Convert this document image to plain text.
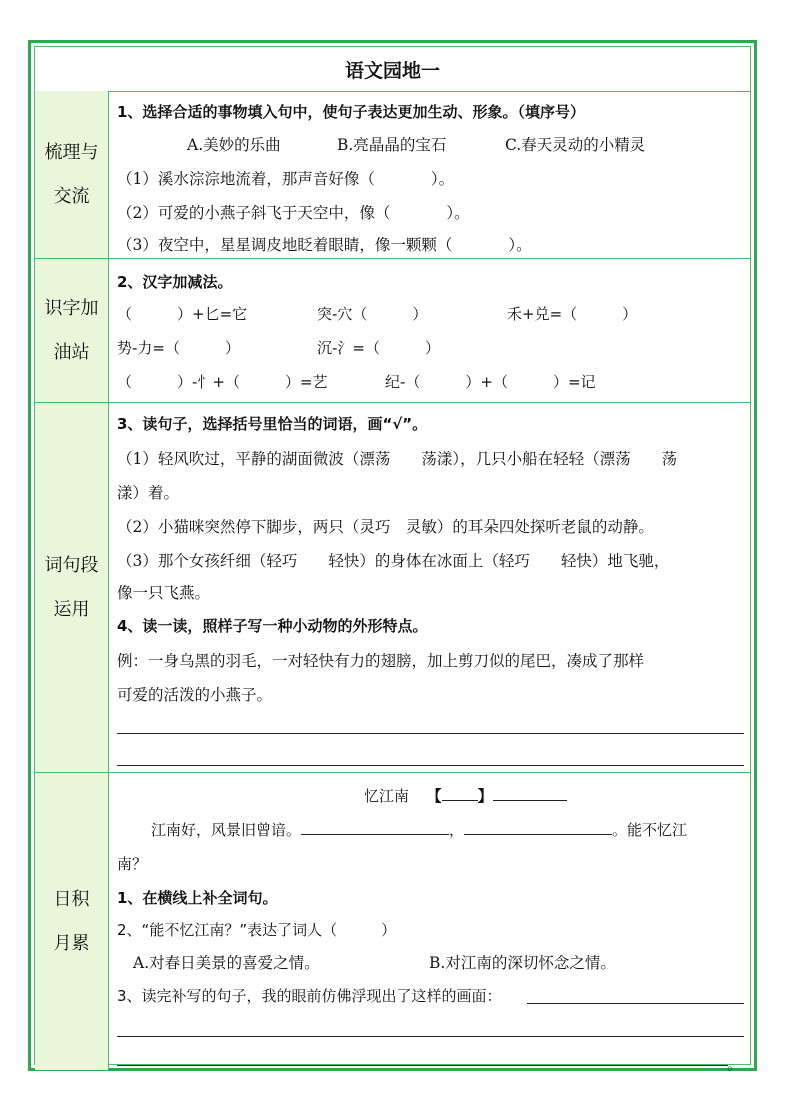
语文园地一
梳理与
交流
1、选择合适的事物填入句中，使句子表达更加生动、形象。（填序号）
A.美妙的乐曲	B.亮晶晶的宝石	C.春天灵动的小精灵
（1）溪水淙淙地流着，那声音好像（	）。
（2）可爱的小燕子斜飞于天空中，像（	）。
（3）夜空中，星星调皮地眨着眼睛，像一颗颗（	）。
识字加
油站
2、汉字加减法。
（　　　）+匕=它	突-穴（　　　）	禾+兑=（　　　）
势-力=（　　　）	沉-氵=（　　　）
（　　　）-忄+（　　　）=艺	纪-（　　　）+（　　　）=记
词句段
运用
3、读句子，选择括号里恰当的词语，画“√”。
（1）轻风吹过，平静的湖面微波（漂荡　　荡漾），几只小船在轻轻（漂荡　　荡
漾）着。
（2）小猫咪突然停下脚步，两只（灵巧　灵敏）的耳朵四处探听老鼠的动静。
（3）那个女孩纤细（轻巧　　轻快）的身体在冰面上（轻巧　　轻快）地飞驰，
像一只飞燕。
4、读一读，照样子写一种小动物的外形特点。
例：一身乌黑的羽毛，一对轻快有力的翅膀，加上剪刀似的尾巴，凑成了那样
可爱的活泼的小燕子。
日积
月累
忆江南 【 】
江南好，风景旧曾谙。	，	。能不忆江
南？
1、在横线上补全词句。
2、“能不忆江南？”表达了词人（	）
A.对春日美景的喜爱之情。	B.对江南的深切怀念之情。
3、读完补写的句子，我的眼前仿佛浮现出了这样的画面：
。
